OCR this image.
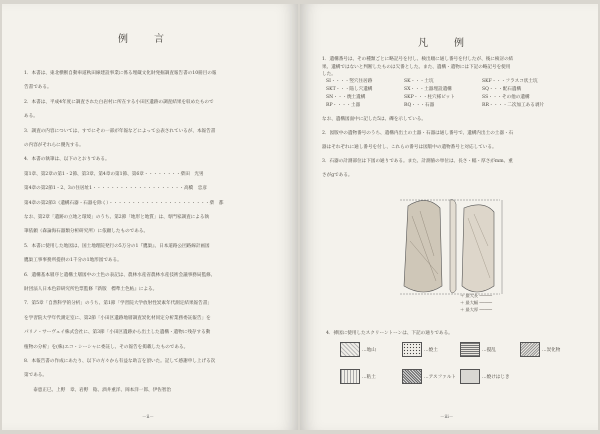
例　言
1．本書は、東北横断自動車道秋田線建設事業に係る埋蔵文化財発掘調査報告書の10冊目の報
告書である。
2．本書は、平成4年度に調査された白岩村に所在する小田区遺跡の調査結果を収めたもので
ある。
3．調査の内容については、すでにその一部が年報などによって公表されているが、本報告書
の内容がそれらに優先する。
4．本書の執筆は、以下のとおりである。
第1章、第2章の第1・2節、第3章、第4章の第1節、第6章・・・・・・・・柴田　光男
第4章の第2節1・2、3の住居址1・・・・・・・・・・・・・・・・・・・・高橋　忠彦
第4章の第2節3（遺構石器・石器を除く）・・・・・・・・・・・・・・・・・・・・・・柴　都
なお、第2章「遺跡の立地と環境」のうち、第2節「地形と地質」は、専門家調査による執
筆依頼（森論海石器類分析研究所）に依頼したものである。
5．本書に使用した地図は、国土地理院発行の5万分の1『鷹巣』、日本道路公団路線計画図
鷹巣工事事務所提供の1千分の1地形図である。
6．遺構基本層序と遺構土層図中の土色の表記は、農林水産省農林水産技術会議事務局監修、
財団法人日本色彩研究所色票監修『新版　標準土色帖』による。
7．第5章「自然科学的分析」のうち、第1節「学習院大学放射性炭素年代測定結果報告書」
を学習院大学年代測定室に、第2節「小田区遺跡地層調査炭化材同定分析業務委託報告」を
パリノ・サーヴェイ株式会社に、第3節「小田区遺跡から出土した遺構・遺物に残存する動
植物の分析」を(株)エコ・シーシャに委託し、その報告を掲載したものである。
8．本報告書の作成にあたり、以下の方々から有益な助言を頂いた。記して感謝申し上げる次
第である。
　　泰恵正巳、上野　章、岩野　稔、酒井重洋、岡本洋一郎、伊佐智治
－ii－
凡　例
1．遺構番号は、その種類ごとに略記号を付し、検出順に通し番号を付したが、後に検討の結
果、遺構ではないと判断したものは欠番とした。また、遺構・遺物には下記の略記号を使用
した。
SI・・・・竪穴住居跡	SK・・・土坑	SKF・・・フラスコ状土坑
SKT・・・陥し穴遺構	SX・・・土器埋設遺構	SQ・・・配石遺構
SN・・・焼土遺構	SKP・・・柱穴様ピット	SS・・・その他の遺構
RP・・・・土器	RQ・・・石器	RR・・・・二次加工ある剥片
なお、遺構図面中に記した5は、礫を示している。
2．図版中の遺物番号のうち、遺構内出土の土器・石器は通し番号で、遺構内出土の土器・石
器はそれぞれに通し番号を付し、これらの番号は図版中の遺物番号と対応している。
3．石器の計測部位は下図の通りである。また、計測値の単位は、長さ・幅・厚さがmm、重
さがgである。
＋ 最大長 ─────
＋ 最大幅 ─────
＋ 最大厚 ─────
4．挿図に使用したスクリーントーンは、下記の通りである。
…地山	…焼土	…撹乱	…炭化物
…粘土	…アスファルト	…焼けはじき
－iii－
